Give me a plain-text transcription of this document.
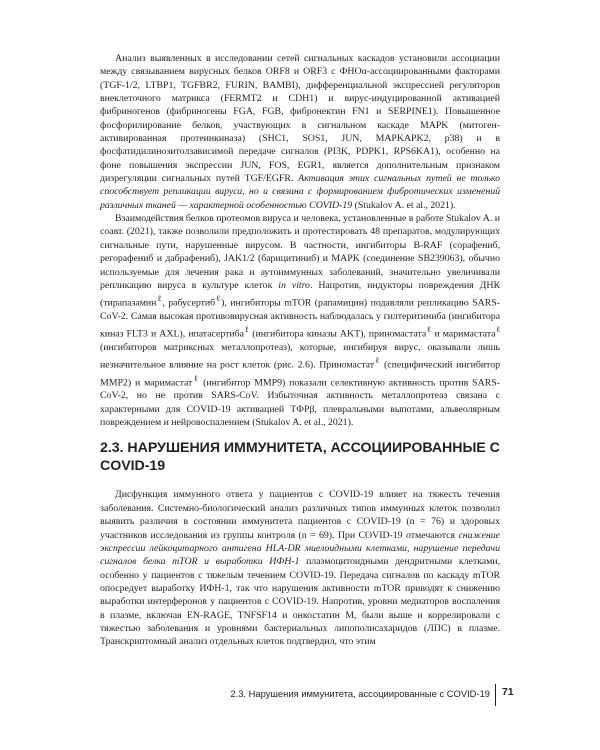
Анализ выявленных в исследовании сетей сигнальных каскадов установили ассоциации между связыванием вирусных белков ORF8 и ORF3 с ФНОα-ассоциированными факторами (TGF-1/2, LTBP1, TGFBR2, FURIN, BAMBI), дифференциальной экспрессией регуляторов внеклеточного матрикса (FERMT2 и CDH1) и вирус-индуцированной активацией фибриногенов (фибриногены FGA, FGB, фибронектин FN1 и SERPINE1). Повышенное фосфорилирование белков, участвующих в сигнальном каскаде MAPK (митоген-активированная протеинкиназа) (SHC1, SOS1, JUN, MAPKAPK2, p38) и в фосфатидилинозитолзависимой передаче сигналов (PI3K, PDPK1, RPS6KA1), особенно на фоне повышения экспрессии JUN, FOS, EGR1, является дополнительным признаком дизрегуляции сигнальных путей TGF/EGFR. Активация этих сигнальных путей не только способствует репликации вируса, но и связана с формированием фибротических изменений различных тканей — характерной особенностью COVID-19 (Stukalov A. et al., 2021).

Взаимодействия белков протеомов вируса и человека, установленные в работе Stukalov A. и соавт. (2021), также позволили предположить и протестировать 48 препаратов, модулирующих сигнальные пути, нарушенные вирусом. В частности, ингибиторы B-RAF (сорафениб, регорафениб и дабрафениб), JAK1/2 (барицитиниб) и MAPK (соединение SB239063), обычно используемые для лечения рака и аутоиммунных заболеваний, значительно увеличивали репликацию вируса в культуре клеток in vitro. Напротив, индукторы повреждения ДНК (тирапазамин$^\ell$, рабусертиб$^\ell$), ингибиторы mTOR (рапамицин) подавляли репликацию SARS-CoV-2. Самая высокая противовирусная активность наблюдалась у гилтеритиниба (ингибитора киназ FLT3 и AXL), ипатасертиба$^\ell$ (ингибитора киназы AKT), приномастата$^\ell$ и маримастата$^\ell$ (ингибиторов матриксных металлопротеаз), которые, ингибируя вирус, оказывали лишь незначительное влияние на рост клеток (рис. 2.6). Приномастат$^\ell$ (специфический ингибитор MMP2) и маримастат$^\ell$ (ингибитор MMP9) показали селективную активность против SARS-CoV-2, но не против SARS-CoV. Избыточная активность металлопротеаз связана с характерными для COVID-19 активацией TФРβ, плевральными выпотами, альвеолярным повреждением и нейровоспалением (Stukalov A. et al., 2021).

2.3. НАРУШЕНИЯ ИММУНИТЕТА, АССОЦИИРОВАННЫЕ С COVID-19

Дисфункция иммунного ответа у пациентов с COVID-19 влияет на тяжесть течения заболевания. Системно-биологический анализ различных типов иммунных клеток позволил выявить различия в состоянии иммунитета пациентов с COVID-19 (n = 76) и здоровых участников исследования из группы контроля (n = 69). При COVID-19 отмечаются снижение экспрессии лейкоцитарного антигена HLA-DR миелоидными клетками, нарушение передачи сигналов белка mTOR и выработки ИФН-1 плазмоцитоидными дендритными клетками, особенно у пациентов с тяжелым течением COVID-19. Передача сигналов по каскаду mTOR опосредует выработку ИФН-1, так что нарушения активности mTOR приводят к снижению выработки интерферонов у пациентов с COVID-19. Напротив, уровни медиаторов воспаления в плазме, включая EN-RAGE, TNFSF14 и онкостатин M, были выше и коррелировали с тяжестью заболевания и уровнями бактериальных липополисахаридов (ЛПС) в плазме. Транскриптомный анализ отдельных клеток подтвердил, что этим

2.3. Нарушения иммунитета, ассоциированные с COVID-19 71
